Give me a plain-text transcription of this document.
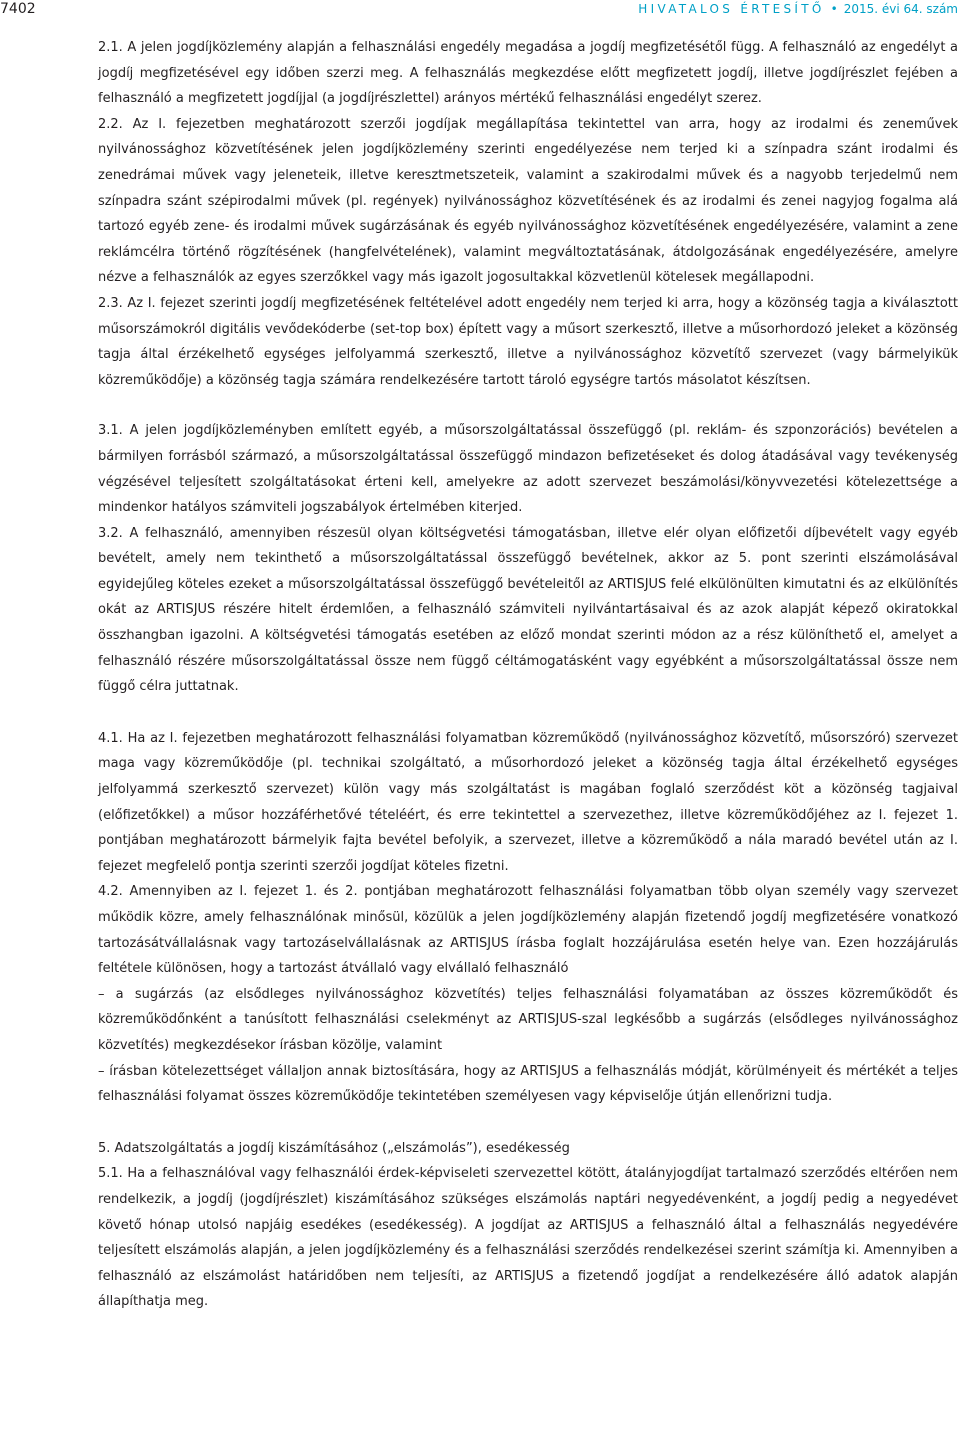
7402	HIVATALOS ÉRTESÍTŐ • 2015. évi 64. szám

2.1. A jelen jogdíjközlemény alapján a felhasználási engedély megadása a jogdíj megfizetésétől függ. A felhasználó az engedélyt a jogdíj megfizetésével egy időben szerzi meg. A felhasználás megkezdése előtt megfizetett jogdíj, illetve jogdíjrészlet fejében a felhasználó a megfizetett jogdíjjal (a jogdíjrészlettel) arányos mértékű felhasználási engedélyt szerez.

2.2. Az I. fejezetben meghatározott szerzői jogdíjak megállapítása tekintettel van arra, hogy az irodalmi és zeneművek nyilvánossághoz közvetítésének jelen jogdíjközlemény szerinti engedélyezése nem terjed ki a színpadra szánt irodalmi és zenedrámai művek vagy jeleneteik, illetve keresztmetszeteik, valamint a szakirodalmi művek és a nagyobb terjedelmű nem színpadra szánt szépirodalmi művek (pl. regények) nyilvánossághoz közvetítésének és az irodalmi és zenei nagyjog fogalma alá tartozó egyéb zene- és irodalmi művek sugárzásának és egyéb nyilvánossághoz közvetítésének engedélyezésére, valamint a zene reklámcélra történő rögzítésének (hangfelvételének), valamint megváltoztatásának, átdolgozásának engedélyezésére, amelyre nézve a felhasználók az egyes szerzőkkel vagy más igazolt jogosultakkal közvetlenül kötelesek megállapodni.

2.3. Az I. fejezet szerinti jogdíj megfizetésének feltételével adott engedély nem terjed ki arra, hogy a közönség tagja a kiválasztott műsorszámokról digitális vevődekóderbe (set-top box) épített vagy a műsort szerkesztő, illetve a műsorhordozó jeleket a közönség tagja által érzékelhető egységes jelfolyammá szerkesztő, illetve a nyilvánossághoz közvetítő szervezet (vagy bármelyikük közreműködője) a közönség tagja számára rendelkezésére tartott tároló egységre tartós másolatot készítsen.

3.1. A jelen jogdíjközleményben említett egyéb, a műsorszolgáltatással összefüggő (pl. reklám- és szponzorációs) bevételen a bármilyen forrásból származó, a műsorszolgáltatással összefüggő mindazon befizetéseket és dolog átadásával vagy tevékenység végzésével teljesített szolgáltatásokat érteni kell, amelyekre az adott szervezet beszámolási/könyvvezetési kötelezettsége a mindenkor hatályos számviteli jogszabályok értelmében kiterjed.

3.2. A felhasználó, amennyiben részesül olyan költségvetési támogatásban, illetve elér olyan előfizetői díjbevételt vagy egyéb bevételt, amely nem tekinthető a műsorszolgáltatással összefüggő bevételnek, akkor az 5. pont szerinti elszámolásával egyidejűleg köteles ezeket a műsorszolgáltatással összefüggő bevételeitől az ARTISJUS felé elkülönülten kimutatni és az elkülönítés okát az ARTISJUS részére hitelt érdemlően, a felhasználó számviteli nyilvántartásaival és az azok alapját képező okiratokkal összhangban igazolni. A költségvetési támogatás esetében az előző mondat szerinti módon az a rész különíthető el, amelyet a felhasználó részére műsorszolgáltatással össze nem függő céltámogatásként vagy egyébként a műsorszolgáltatással össze nem függő célra juttatnak.

4.1. Ha az I. fejezetben meghatározott felhasználási folyamatban közreműködő (nyilvánossághoz közvetítő, műsorszóró) szervezet maga vagy közreműködője (pl. technikai szolgáltató, a műsorhordozó jeleket a közönség tagja által érzékelhető egységes jelfolyammá szerkesztő szervezet) külön vagy más szolgáltatást is magában foglaló szerződést köt a közönség tagjaival (előfizetőkkel) a műsor hozzáférhetővé tételéért, és erre tekintettel a szervezethez, illetve közreműködőjéhez az I. fejezet 1. pontjában meghatározott bármelyik fajta bevétel befolyik, a szervezet, illetve a közreműködő a nála maradó bevétel után az I. fejezet megfelelő pontja szerinti szerzői jogdíjat köteles fizetni.

4.2. Amennyiben az I. fejezet 1. és 2. pontjában meghatározott felhasználási folyamatban több olyan személy vagy szervezet működik közre, amely felhasználónak minősül, közülük a jelen jogdíjközlemény alapján fizetendő jogdíj megfizetésére vonatkozó tartozásátvállalásnak vagy tartozáselvállalásnak az ARTISJUS írásba foglalt hozzájárulása esetén helye van. Ezen hozzájárulás feltétele különösen, hogy a tartozást átvállaló vagy elvállaló felhasználó

– a sugárzás (az elsődleges nyilvánossághoz közvetítés) teljes felhasználási folyamatában az összes közreműködőt és közreműködőnként a tanúsított felhasználási cselekményt az ARTISJUS-szal legkésőbb a sugárzás (elsődleges nyilvánossághoz közvetítés) megkezdésekor írásban közölje, valamint

– írásban kötelezettséget vállaljon annak biztosítására, hogy az ARTISJUS a felhasználás módját, körülményeit és mértékét a teljes felhasználási folyamat összes közreműködője tekintetében személyesen vagy képviselője útján ellenőrizni tudja.

5. Adatszolgáltatás a jogdíj kiszámításához („elszámolás”), esedékesség

5.1. Ha a felhasználóval vagy felhasználói érdek-képviseleti szervezettel kötött, átalányjogdíjat tartalmazó szerződés eltérően nem rendelkezik, a jogdíj (jogdíjrészlet) kiszámításához szükséges elszámolás naptári negyedévenként, a jogdíj pedig a negyedévet követő hónap utolsó napjáig esedékes (esedékesség). A jogdíjat az ARTISJUS a felhasználó által a felhasználás negyedévére teljesített elszámolás alapján, a jelen jogdíjközlemény és a felhasználási szerződés rendelkezései szerint számítja ki. Amennyiben a felhasználó az elszámolást határidőben nem teljesíti, az ARTISJUS a fizetendő jogdíjat a rendelkezésére álló adatok alapján állapíthatja meg.
